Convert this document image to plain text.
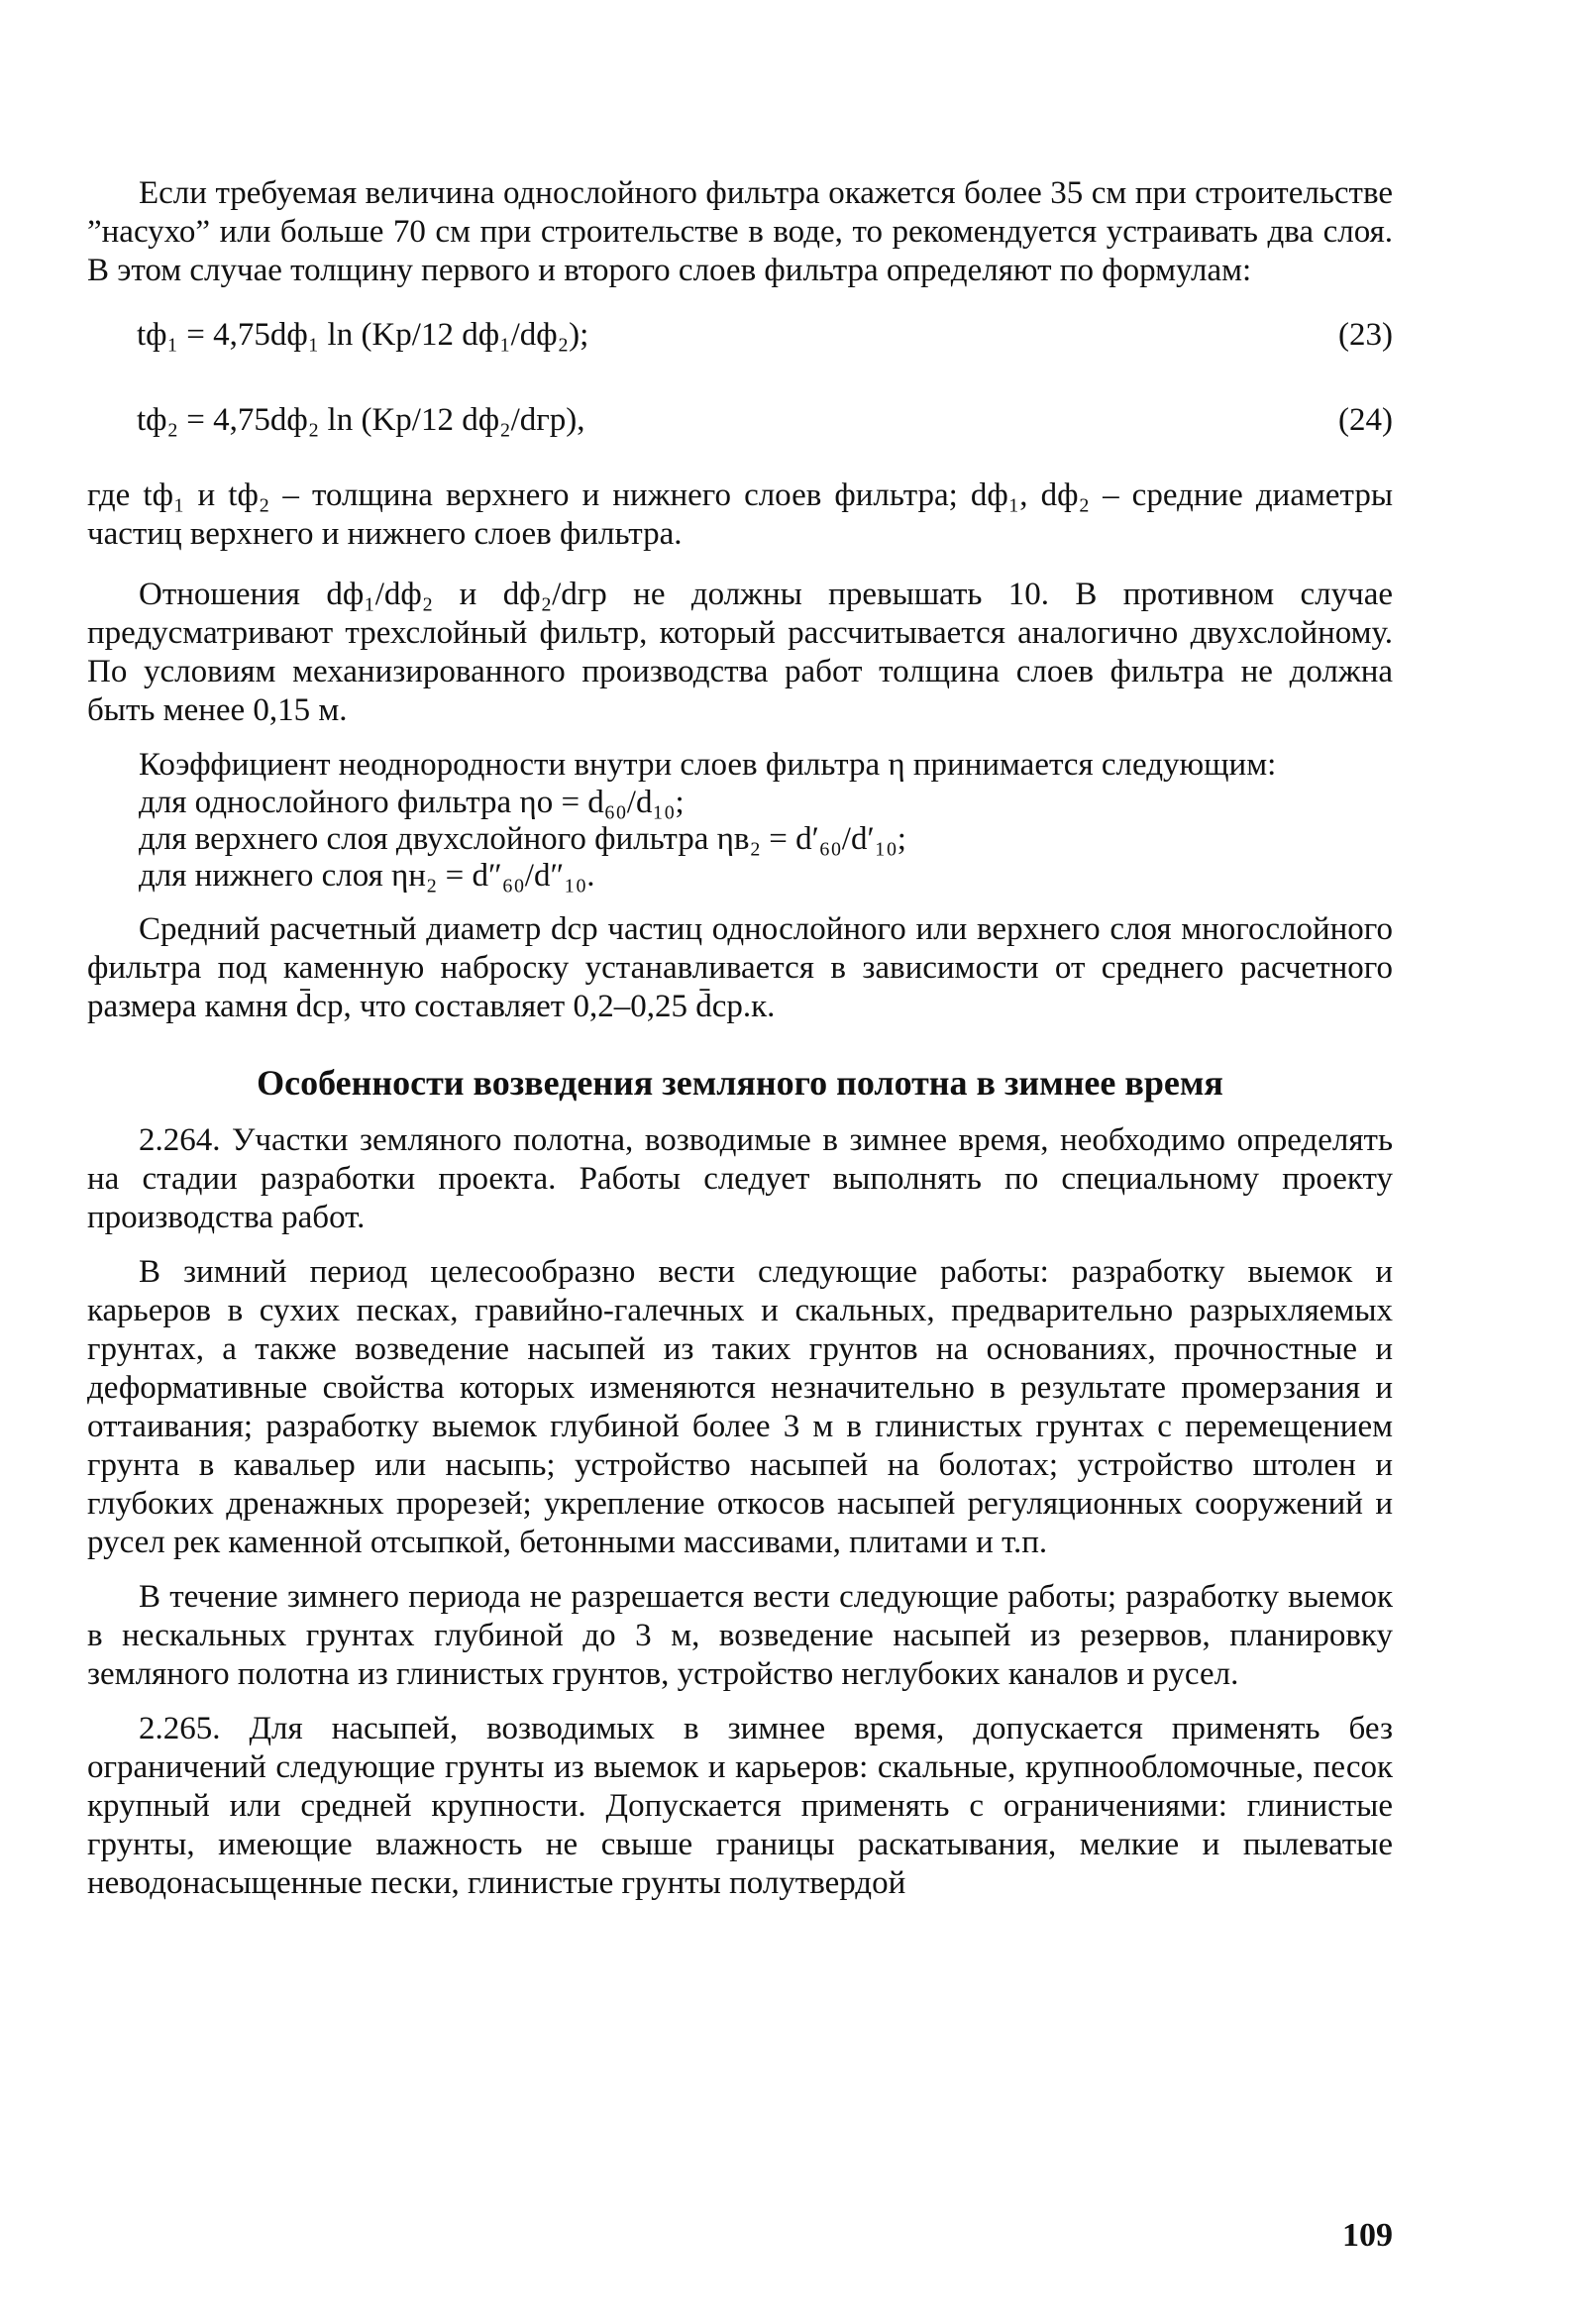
Если требуемая величина однослойного фильтра окажется более 35 см при строительстве ”насухо” или больше 70 см при строительстве в воде, то рекомендуется устраивать два слоя. В этом случае толщину первого и второго слоев фильтра определяют по формулам:

tф₁ = 4,75dф₁ ln (Kр/12 dф₁/dф₂);	(23)
tф₂ = 4,75dф₂ ln (Kр/12 dф₂/dгр),	(24)

где tф₁ и tф₂ – толщина верхнего и нижнего слоев фильтра; dф₁, dф₂ – средние диаметры частиц верхнего и нижнего слоев фильтра.

Отношения dф₁/dф₂ и dф₂/dгр не должны превышать 10. В противном случае предусматривают трехслойный фильтр, который рассчитывается аналогично двухслойному. По условиям механизированного производства работ толщина слоев фильтра не должна быть менее 0,15 м.

Коэффициент неоднородности внутри слоев фильтра η принимается следующим:

для однослойного фильтра ηо = d₆₀/d₁₀;

для верхнего слоя двухслойного фильтра ηв₂ = d′₆₀/d′₁₀;

для нижнего слоя ηн₂ = d″₆₀/d″₁₀.

Средний расчетный диаметр dср частиц однослойного или верхнего слоя многослойного фильтра под каменную наброску устанавливается в зависимости от среднего расчетного размера камня d̄ср, что составляет 0,2–0,25 d̄ср.к.

Особенности возведения земляного полотна в зимнее время

2.264. Участки земляного полотна, возводимые в зимнее время, необходимо определять на стадии разработки проекта. Работы следует выполнять по специальному проекту производства работ.

В зимний период целесообразно вести следующие работы: разработку выемок и карьеров в сухих песках, гравийно-галечных и скальных, предварительно разрыхляемых грунтах, а также возведение насыпей из таких грунтов на основаниях, прочностные и деформативные свойства которых изменяются незначительно в результате промерзания и оттаивания; разработку выемок глубиной более 3 м в глинистых грунтах с перемещением грунта в кавальер или насыпь; устройство насыпей на болотах; устройство штолен и глубоких дренажных прорезей; укрепление откосов насыпей регуляционных сооружений и русел рек каменной отсыпкой, бетонными массивами, плитами и т.п.

В течение зимнего периода не разрешается вести следующие работы; разработку выемок в нескальных грунтах глубиной до 3 м, возведение насыпей из резервов, планировку земляного полотна из глинистых грунтов, устройство неглубоких каналов и русел.

2.265. Для насыпей, возводимых в зимнее время, допускается применять без ограничений следующие грунты из выемок и карьеров: скальные, крупнообломочные, песок крупный или средней крупности. Допускается применять с ограничениями: глинистые грунты, имеющие влажность не свыше границы раскатывания, мелкие и пылеватые неводонасыщенные пески, глинистые грунты полутвердой

109
